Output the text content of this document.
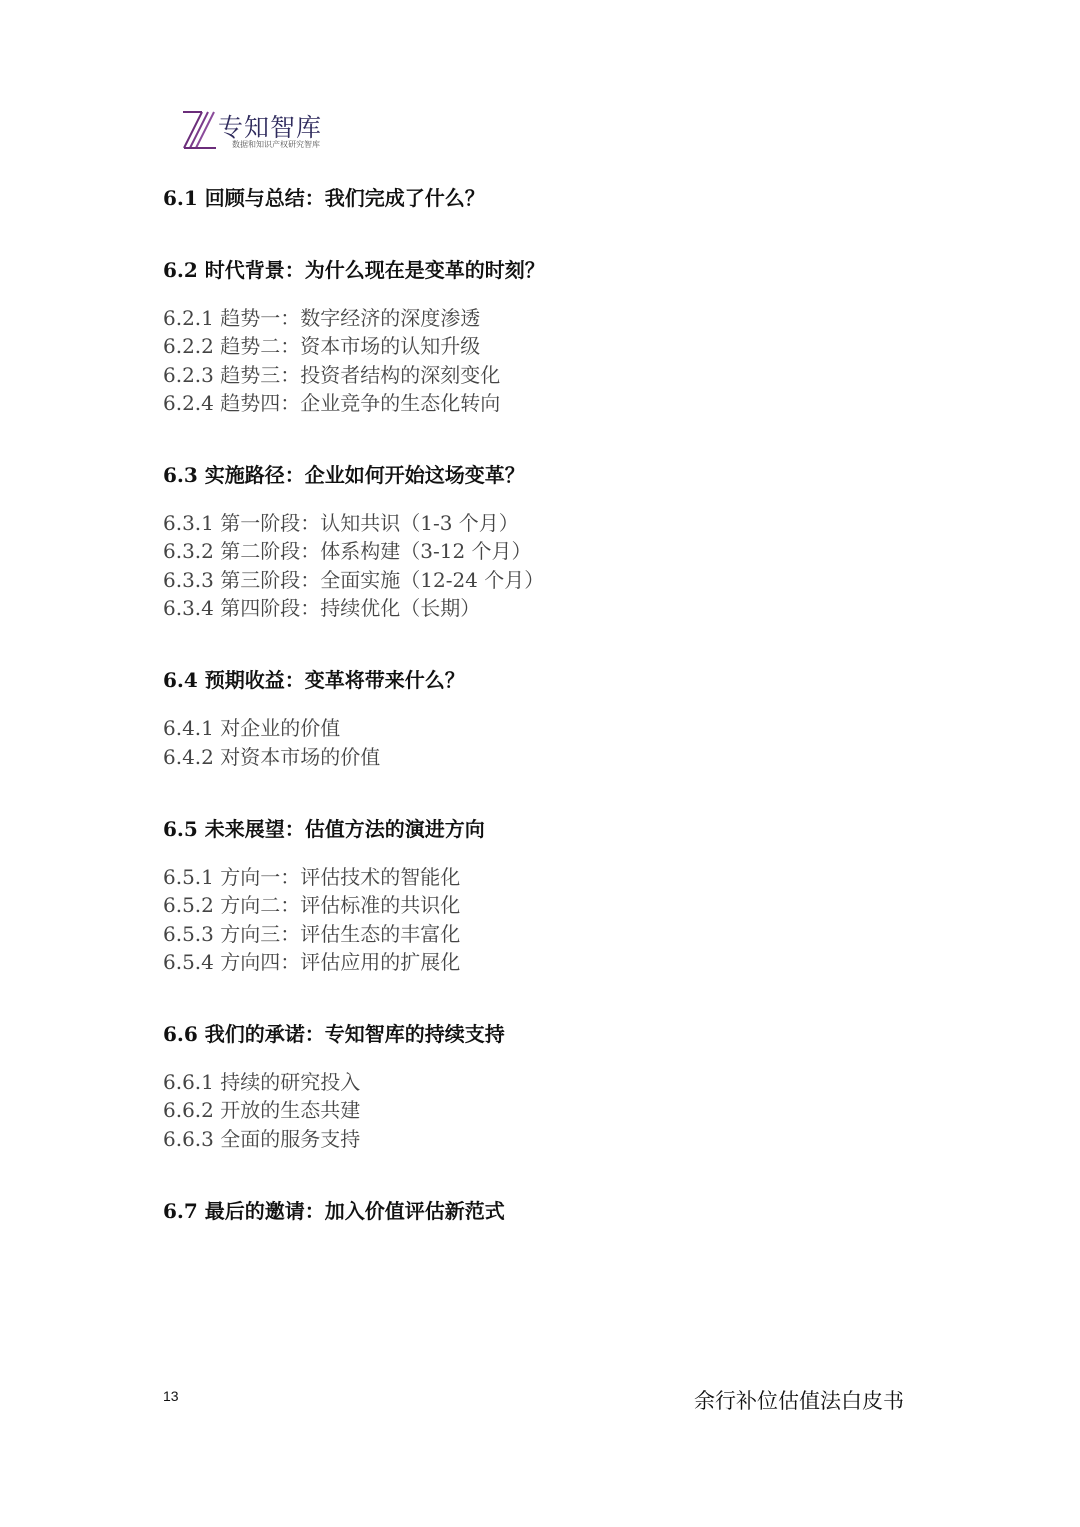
专知智库
数据和知识产权研究智库

6.1 回顾与总结：我们完成了什么？

6.2 时代背景：为什么现在是变革的时刻？

6.2.1 趋势一：数字经济的深度渗透
6.2.2 趋势二：资本市场的认知升级
6.2.3 趋势三：投资者结构的深刻变化
6.2.4 趋势四：企业竞争的生态化转向

6.3 实施路径：企业如何开始这场变革？

6.3.1 第一阶段：认知共识（1-3 个月）
6.3.2 第二阶段：体系构建（3-12 个月）
6.3.3 第三阶段：全面实施（12-24 个月）
6.3.4 第四阶段：持续优化（长期）

6.4 预期收益：变革将带来什么？

6.4.1 对企业的价值
6.4.2 对资本市场的价值

6.5 未来展望：估值方法的演进方向

6.5.1 方向一：评估技术的智能化
6.5.2 方向二：评估标准的共识化
6.5.3 方向三：评估生态的丰富化
6.5.4 方向四：评估应用的扩展化

6.6 我们的承诺：专知智库的持续支持

6.6.1 持续的研究投入
6.6.2 开放的生态共建
6.6.3 全面的服务支持

6.7 最后的邀请：加入价值评估新范式

13	余行补位估值法白皮书
